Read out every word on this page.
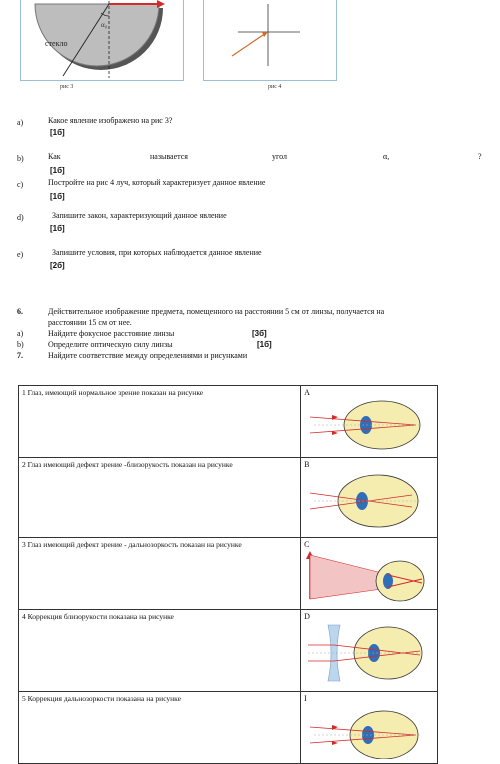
α₀
стекло
рис 3	рис 4
a)	Какое явление изображено на рис 3?
[1б]
b)	Как	называется	угол	α,	?
[1б]
c)	Постройте на рис 4 луч, который характеризует данное явление
[1б]
d)	Запишите закон, характеризующий данное явление
[1б]
e)	Запишите условия, при которых наблюдается данное явление
[2б]
6.	Действительное изображение предмета, помещенного на расстоянии 5 см от линзы, получается на
расстоянии 15 см от нее.
a)	Найдите фокусное расстояние линзы	[3б]
b)	Определите оптическую силу линзы	[1б]
7.	Найдите соответствие между определениями и рисунками
1 Глаз, имеющий нормальное зрение показан на рисунке	A

2 Глаз имеющий дефект зрение -близорукость показан на рисунке	B

3 Глаз имеющий дефект зрение - дальнозоркость показан на рисунке	C

4 Коррекция близорукости показана на рисунке	D

5 Коррекция дальнозоркости показана на рисунке	I
